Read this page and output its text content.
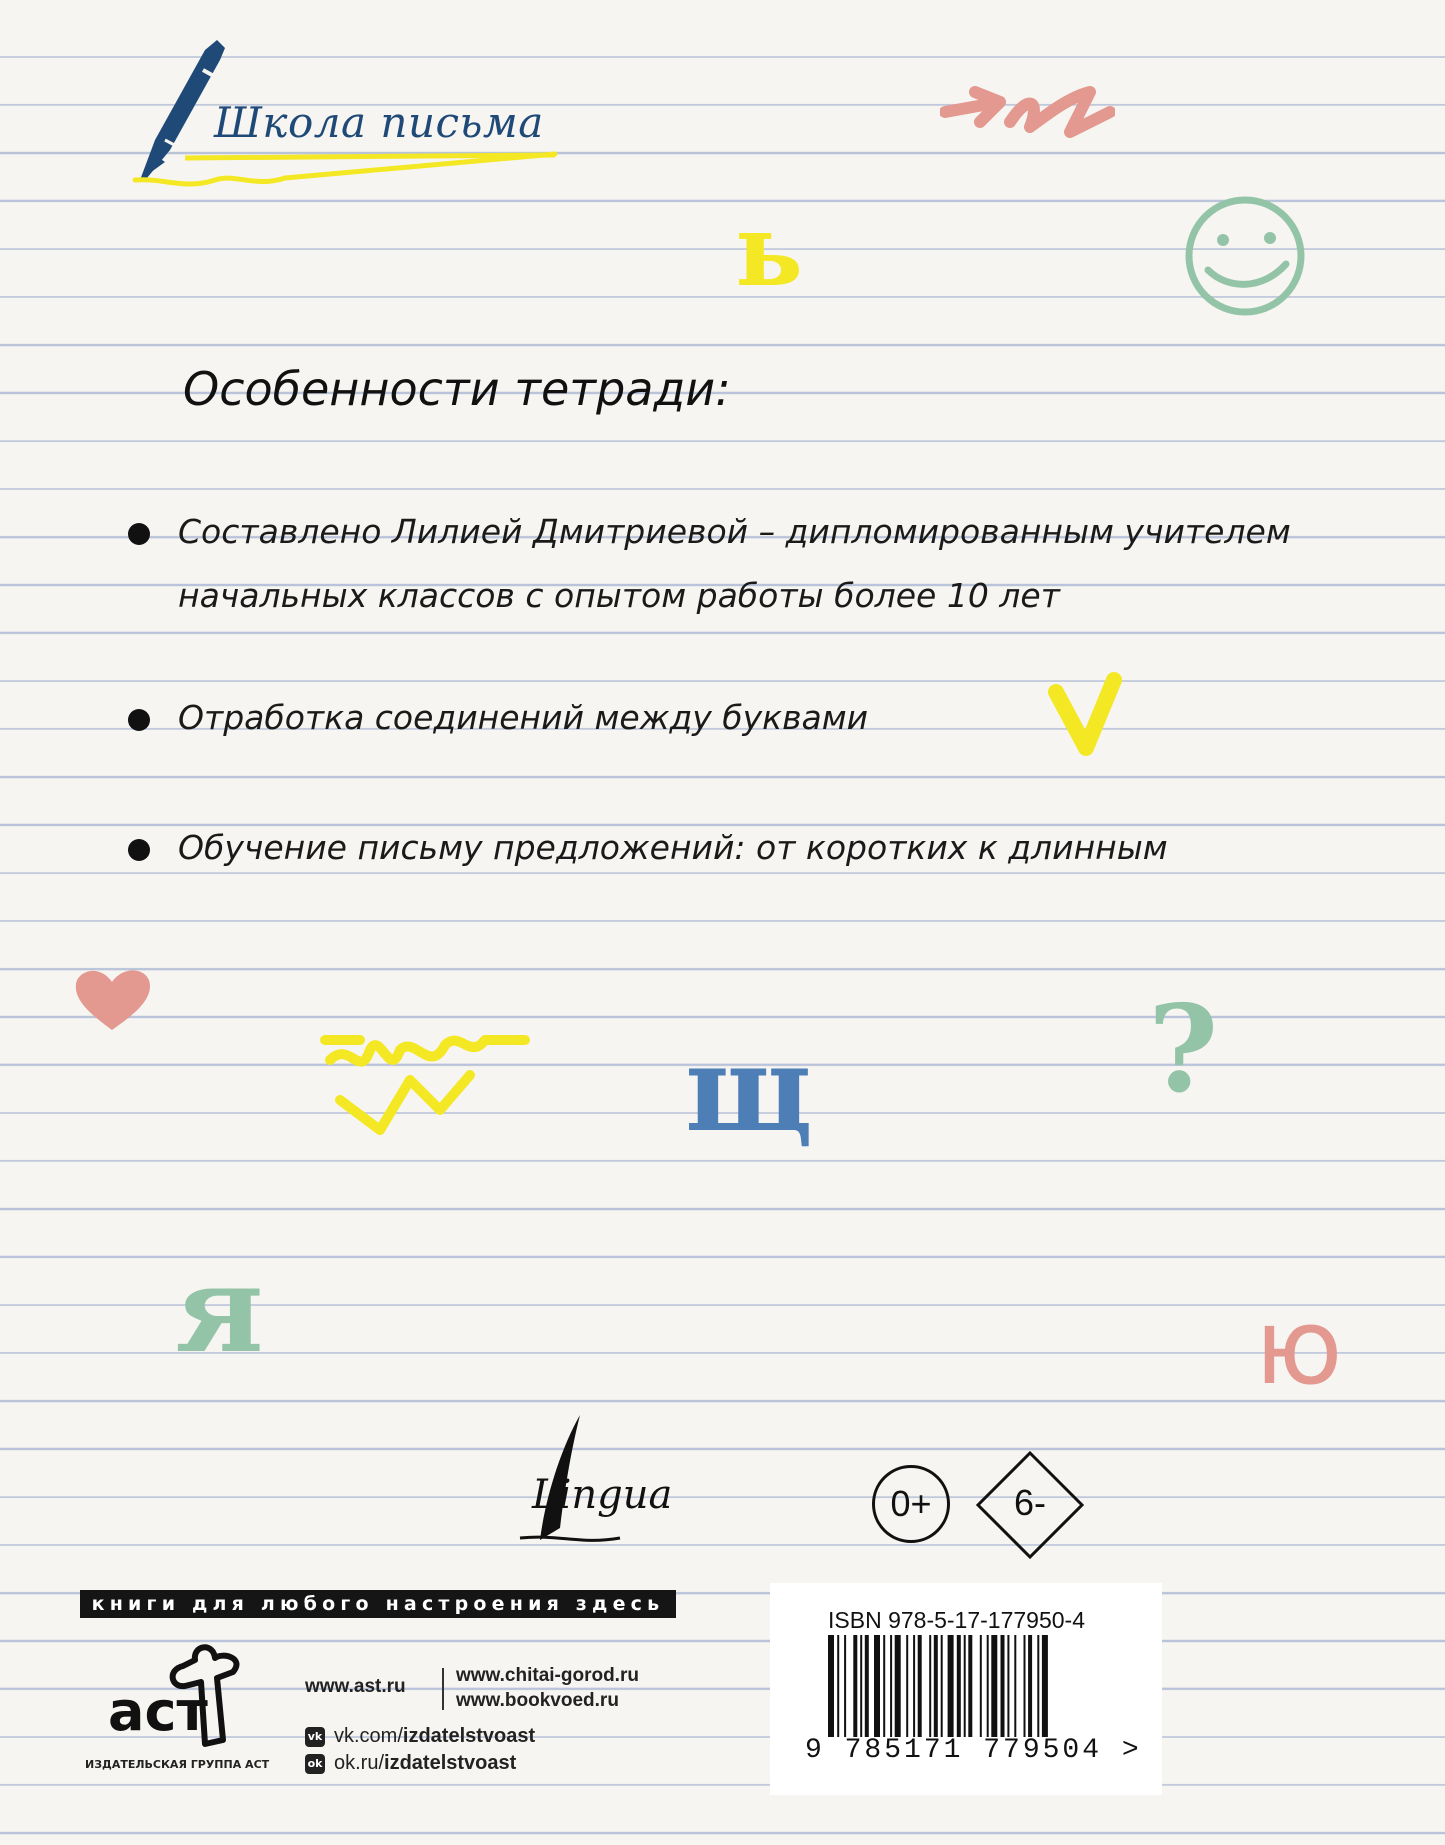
Школа письма
ь
щ	?
я	ю
Особенности тетради:
Составлено Лилией Дмитриевой – дипломированным учителем
начальных классов с опытом работы более 10 лет
Отработка соединений между буквами
Обучение письму предложений: от коротких к длинным
Lingua	0+	6-
книги для любого настроения здесь
аст
ИЗДАТЕЛЬСКАЯ ГРУППА АСТ
www.ast.ru
www.chitai-gorod.ru
www.bookvoed.ru
vk vk.com/izdatelstvoast
ok ok.ru/izdatelstvoast
ISBN 978-5-17-177950-4
9 785171 779504 >
